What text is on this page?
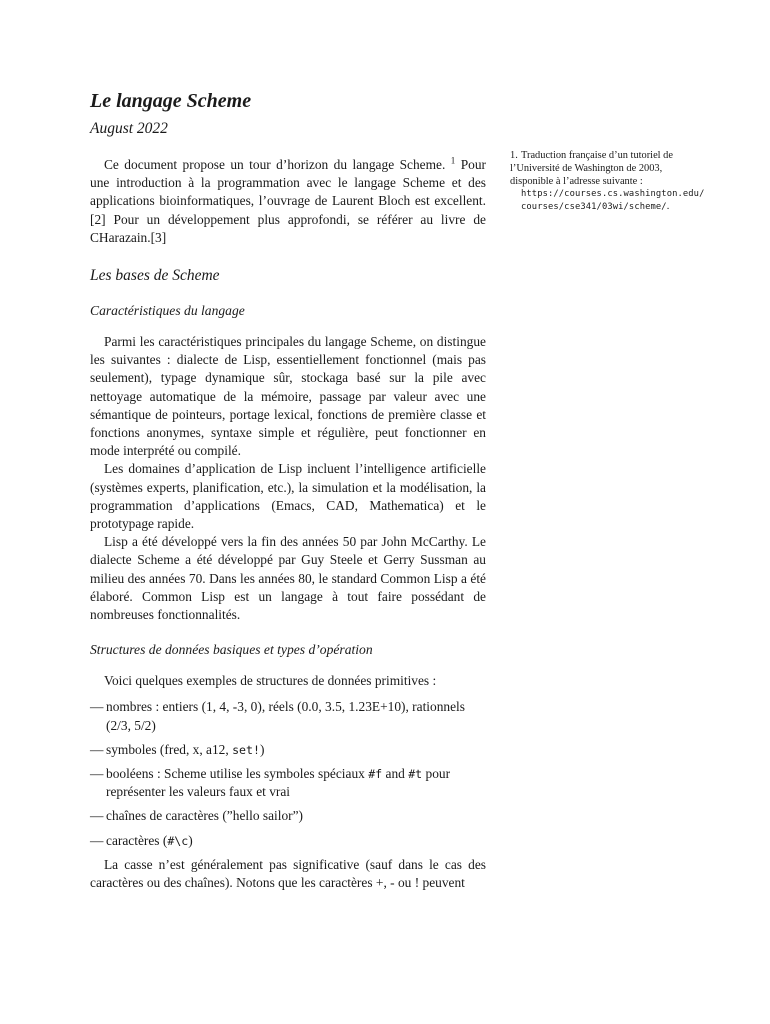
Le langage Scheme
August 2022

Ce document propose un tour d’horizon du langage Scheme. $^1$ Pour une introduction à la programmation avec le langage Scheme et des applications bioinformatiques, l’ouvrage de Laurent Bloch est excellent.[2] Pour un développement plus approfondi, se référer au livre de CHarazain.[3]

Les bases de Scheme
Caractéristiques du langage

Parmi les caractéristiques principales du langage Scheme, on distingue les suivantes : dialecte de Lisp, essentiellement fonctionnel (mais pas seulement), typage dynamique sûr, stockaga basé sur la pile avec nettoyage automatique de la mémoire, passage par valeur avec une sémantique de pointeurs, portage lexical, fonctions de première classe et fonctions anonymes, syntaxe simple et régulière, peut fonctionner en mode interprété ou compilé.

Les domaines d’application de Lisp incluent l’intelligence artificielle (systèmes experts, planification, etc.), la simulation et la modélisation, la programmation d’applications (Emacs, CAD, Mathematica) et le prototypage rapide.

Lisp a été développé vers la fin des années 50 par John McCarthy. Le dialecte Scheme a été développé par Guy Steele et Gerry Sussman au milieu des années 70. Dans les années 80, le standard Common Lisp a été élaboré. Common Lisp est un langage à tout faire possédant de nombreuses fonctionnalités.

Structures de données basiques et types d’opération

Voici quelques exemples de structures de données primitives :

— nombres : entiers (1, 4, -3, 0), réels (0.0, 3.5, 1.23E+10), rationnels (2/3, 5/2)
— symboles (fred, x, a12, set!)
— booléens : Scheme utilise les symboles spéciaux #f and #t pour représenter les valeurs faux et vrai
— chaînes de caractères (”hello sailor”)
— caractères (#\c)

La casse n’est généralement pas significative (sauf dans le cas des caractères ou des chaînes). Notons que les caractères +, - ou ! peuvent

1. Traduction française d’un tutoriel de l’Université de Washington de 2003, disponible à l’adresse suivante :
https://courses.cs.washington.edu/
courses/cse341/03wi/scheme/.
